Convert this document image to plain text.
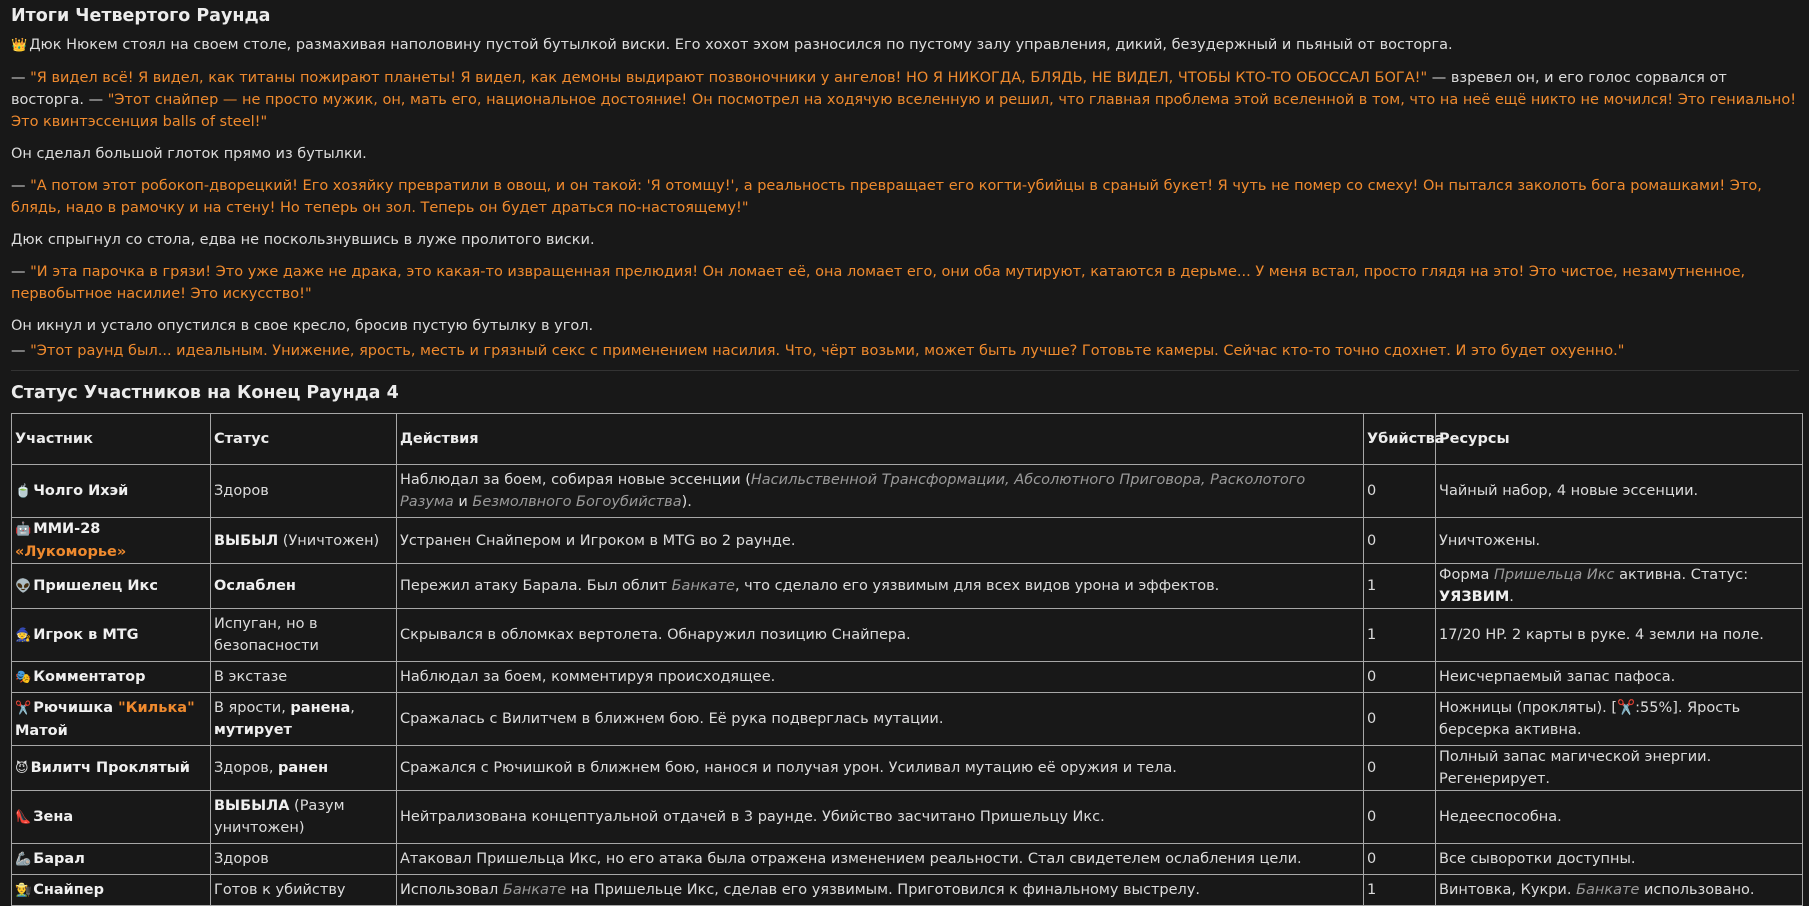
Итоги Четвертого Раунда

👑 Дюк Нюкем стоял на своем столе, размахивая наполовину пустой бутылкой виски. Его хохот эхом разносился по пустому залу управления, дикий, безудержный и пьяный от восторга.

— "Я видел всё! Я видел, как титаны пожирают планеты! Я видел, как демоны выдирают позвоночники у ангелов! НО Я НИКОГДА, БЛЯДЬ, НЕ ВИДЕЛ, ЧТОБЫ КТО-ТО ОБОССАЛ БОГА!" — взревел он, и его голос сорвался от восторга. — "Этот снайпер — не просто мужик, он, мать его, национальное достояние! Он посмотрел на ходячую вселенную и решил, что главная проблема этой вселенной в том, что на неё ещё никто не мочился! Это гениально! Это квинтэссенция balls of steel!"

Он сделал большой глоток прямо из бутылки.

— "А потом этот робокоп-дворецкий! Его хозяйку превратили в овощ, и он такой: 'Я отомщу!', а реальность превращает его когти-убийцы в сраный букет! Я чуть не помер со смеху! Он пытался заколоть бога ромашками! Это, блядь, надо в рамочку и на стену! Но теперь он зол. Теперь он будет драться по-настоящему!"

Дюк спрыгнул со стола, едва не поскользнувшись в луже пролитого виски.

— "И эта парочка в грязи! Это уже даже не драка, это какая-то извращенная прелюдия! Он ломает её, она ломает его, они оба мутируют, катаются в дерьме... У меня встал, просто глядя на это! Это чистое, незамутненное, первобытное насилие! Это искусство!"

Он икнул и устало опустился в свое кресло, бросив пустую бутылку в угол.

— "Этот раунд был... идеальным. Унижение, ярость, месть и грязный секс с применением насилия. Что, чёрт возьми, может быть лучше? Готовьте камеры. Сейчас кто-то точно сдохнет. И это будет охуенно."

Статус Участников на Конец Раунда 4
Участник	Статус	Действия	Убийства	Ресурсы
🍵 Чолго Ихэй	Здоров	Наблюдал за боем, собирая новые эссенции (Насильственной Трансформации, Абсолютного Приговора, Расколотого Разума и Безмолвного Богоубийства).	0	Чайный набор, 4 новые эссенции.
🤖 ММИ-28 «Лукоморье»	ВЫБЫЛ (Уничтожен)	Устранен Снайпером и Игроком в MTG во 2 раунде.	0	Уничтожены.
👽 Пришелец Икс	Ослаблен	Пережил атаку Барала. Был облит Банкате, что сделало его уязвимым для всех видов урона и эффектов.	1	Форма Пришельца Икс активна. Статус: УЯЗВИМ.
🧙 Игрок в MTG	Испуган, но в безопасности	Скрывался в обломках вертолета. Обнаружил позицию Снайпера.	1	17/20 HP. 2 карты в руке. 4 земли на поле.
🎭 Комментатор	В экстазе	Наблюдал за боем, комментируя происходящее.	0	Неисчерпаемый запас пафоса.
✂️ Рючишка "Килька" Матой	В ярости, ранена, мутирует	Сражалась с Вилитчем в ближнем бою. Её рука подверглась мутации.	0	Ножницы (прокляты). [✂️:55%]. Ярость берсерка активна.
😈 Вилитч Проклятый	Здоров, ранен	Сражался с Рючишкой в ближнем бою, нанося и получая урон. Усиливал мутацию её оружия и тела.	0	Полный запас магической энергии. Регенерирует.
👠 Зена	ВЫБЫЛА (Разум уничтожен)	Нейтрализована концептуальной отдачей в 3 раунде. Убийство засчитано Пришельцу Икс.	0	Недееспособна.
🦾 Барал	Здоров	Атаковал Пришельца Икс, но его атака была отражена изменением реальности. Стал свидетелем ослабления цели.	0	Все сыворотки доступны.
👨‍🌾 Снайпер	Готов к убийству	Использовал Банкате на Пришельце Икс, сделав его уязвимым. Приготовился к финальному выстрелу.	1	Винтовка, Кукри. Банкате использовано.
